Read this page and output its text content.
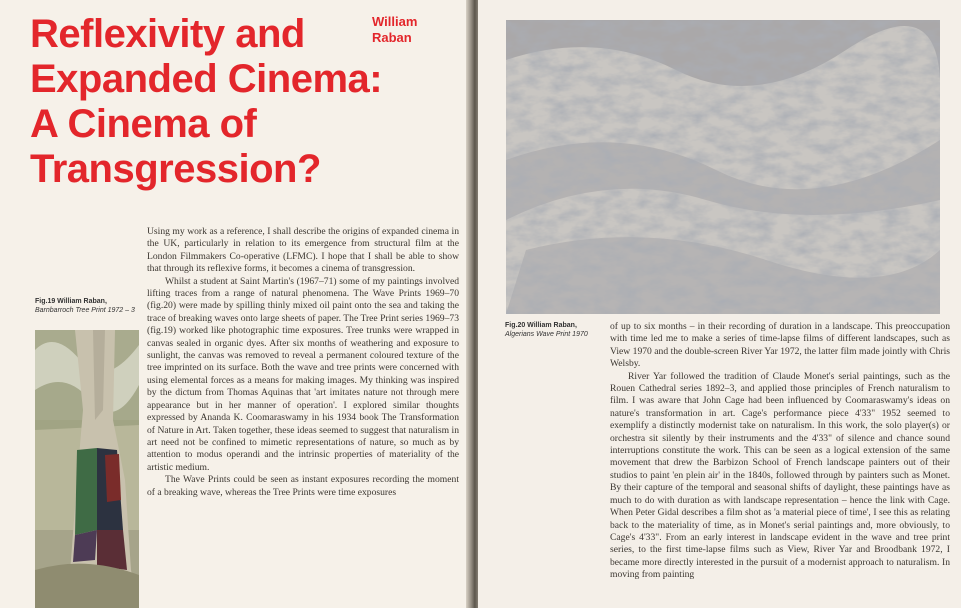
Reflexivity and
Expanded Cinema:
A Cinema of
Transgression?
William
Raban
Fig.19 William Raban,
Barnbarroch Tree Print 1972 – 3

Using my work as a reference, I shall describe the origins of expanded cinema in the UK, particularly in relation to its emergence from structural film at the London Filmmakers Co-operative (LFMC). I hope that I shall be able to show that through its reflexive forms, it becomes a cinema of transgression.

Whilst a student at Saint Martin's (1967–71) some of my paintings involved lifting traces from a range of natural phenomena. The Wave Prints 1969–70 (fig.20) were made by spilling thinly mixed oil paint onto the sea and taking the trace of breaking waves onto large sheets of paper. The Tree Print series 1969–73 (fig.19) worked like photographic time exposures. Tree trunks were wrapped in canvas sealed in organic dyes. After six months of weathering and exposure to sunlight, the canvas was removed to reveal a permanent coloured texture of the tree imprinted on its surface. Both the wave and tree prints were concerned with using elemental forces as a means for making images. My thinking was inspired by the dictum from Thomas Aquinas that 'art imitates nature not through mere appearance but in her manner of operation'. I explored similar thoughts expressed by Ananda K. Coomaraswamy in his 1934 book The Transformation of Nature in Art. Taken together, these ideas seemed to suggest that naturalism in art need not be confined to mimetic representations of nature, so much as by attention to modus operandi and the intrinsic properties of materiality of the artistic medium.

The Wave Prints could be seen as instant exposures recording the moment of a breaking wave, whereas the Tree Prints were time exposures

Fig.20 William Raban,
Algerians Wave Print 1970

of up to six months – in their recording of duration in a landscape. This preoccupation with time led me to make a series of time-lapse films of different landscapes, such as View 1970 and the double-screen River Yar 1972, the latter film made jointly with Chris Welsby.

River Yar followed the tradition of Claude Monet's serial paintings, such as the Rouen Cathedral series 1892–3, and applied those principles of French naturalism to film. I was aware that John Cage had been influenced by Coomaraswamy's ideas on nature's transformation in art. Cage's performance piece 4'33" 1952 seemed to exemplify a distinctly modernist take on naturalism. In this work, the solo player(s) or orchestra sit silently by their instruments and the 4'33" of silence and chance sound interruptions constitute the work. This can be seen as a logical extension of the same movement that drew the Barbizon School of French landscape painters out of their studios to paint 'en plein air' in the 1840s, followed through by painters such as Monet. By their capture of the temporal and seasonal shifts of daylight, these paintings have as much to do with duration as with landscape representation – hence the link with Cage. When Peter Gidal describes a film shot as 'a material piece of time', I see this as relating back to the materiality of time, as in Monet's serial paintings and, more obviously, to Cage's 4'33". From an early interest in landscape evident in the wave and tree print series, to the first time-lapse films such as View, River Yar and Broodbank 1972, I became more directly interested in the pursuit of a modernist approach to naturalism. In moving from painting
